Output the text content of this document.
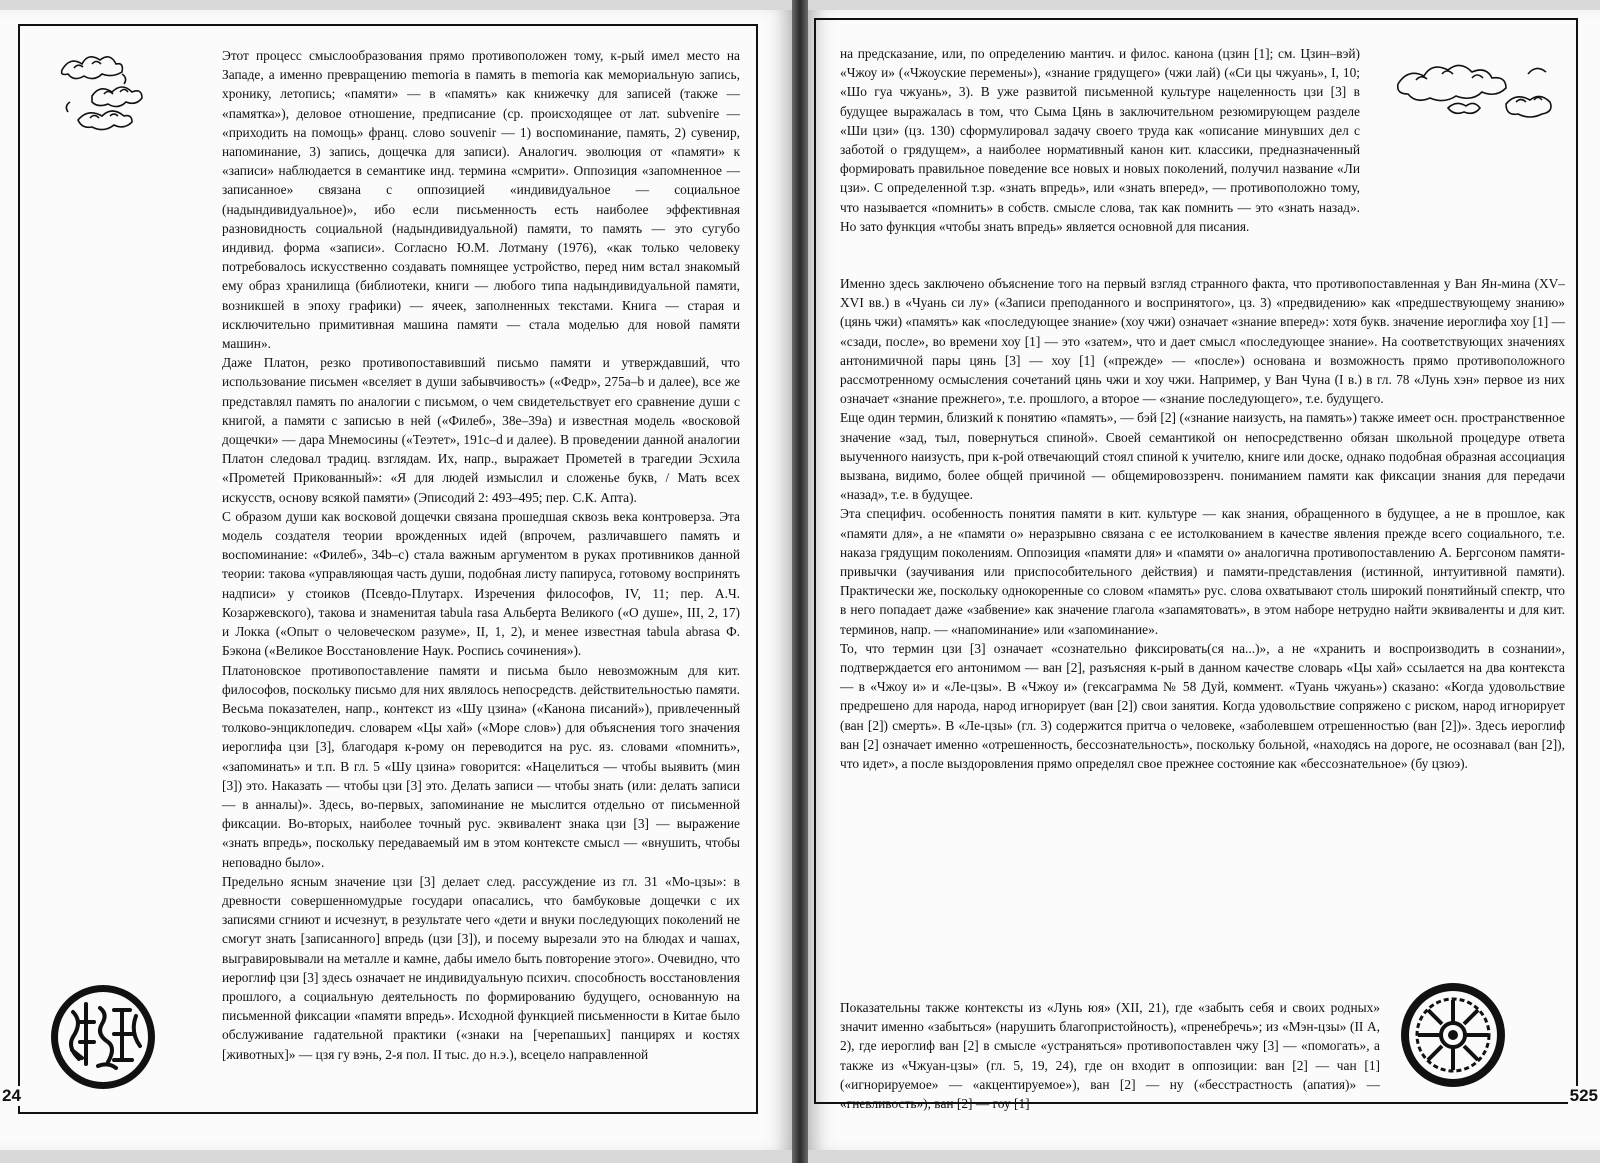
Этот процесс смыслообразования прямо противоположен тому, к-рый имел место на Западе, а именно превращению memoria в память в memoria как мемориальную запись, хронику, летопись; «памяти» — в «память» как книжечку для записей (также — «памятка»), деловое отношение, предписание (ср. происходящее от лат. subvenire — «приходить на помощь» франц. слово souvenir — 1) воспоминание, память, 2) сувенир, напоминание, 3) запись, дощечка для записи). Аналогич. эволюция от «памяти» к «записи» наблюдается в семантике инд. термина «смрити». Оппозиция «запомненное — записанное» связана с оппозицией «индивидуальное — социальное (надындивидуальное)», ибо если письменность есть наиболее эффективная разновидность социальной (надындивидуальной) памяти, то память — это сугубо индивид. форма «записи». Согласно Ю.М. Лотману (1976), «как только человеку потребовалось искусственно создавать помнящее устройство, перед ним встал знакомый ему образ хранилища (библиотеки, книги — любого типа надындивидуальной памяти, возникшей в эпоху графики) — ячеек, заполненных текстами. Книга — старая и исключительно примитивная машина памяти — стала моделью для новой памяти машин».

Даже Платон, резко противопоставивший письмо памяти и утверждавший, что использование письмен «вселяет в души забывчивость» («Федр», 275а–b и далее), все же представлял память по аналогии с письмом, о чем свидетельствует его сравнение души с книгой, а памяти с записью в ней («Филеб», 38е–39а) и известная модель «восковой дощечки» — дара Мнемосины («Теэтет», 191с–d и далее). В проведении данной аналогии Платон следовал традиц. взглядам. Их, напр., выражает Прометей в трагедии Эсхила «Прометей Прикованный»: «Я для людей измыслил и сложенье букв, / Мать всех искусств, основу всякой памяти» (Эписодий 2: 493–495; пер. С.К. Апта).

С образом души как восковой дощечки связана прошедшая сквозь века контроверза. Эта модель создателя теории врожденных идей (впрочем, различавшего память и воспоминание: «Филеб», 34b–с) стала важным аргументом в руках противников данной теории: такова «управляющая часть души, подобная листу папируса, готовому воспринять надписи» у стоиков (Псевдо-Плутарх. Изречения философов, IV, 11; пер. А.Ч. Козаржевского), такова и знаменитая tabula rasa Альберта Великого («О душе», III, 2, 17) и Локка («Опыт о человеческом разуме», II, 1, 2), и менее известная tabula abrasa Ф. Бэкона («Великое Восстановление Наук. Роспись сочинения»).

Платоновское противопоставление памяти и письма было невозможным для кит. философов, поскольку письмо для них являлось непосредств. действительностью памяти. Весьма показателен, напр., контекст из «Шу цзина» («Канона писаний»), привлеченный толково-энциклопедич. словарем «Цы хай» («Море слов») для объяснения того значения иероглифа цзи [3], благодаря к-рому он переводится на рус. яз. словами «помнить», «запоминать» и т.п. В гл. 5 «Шу цзина» говорится: «Нацелиться — чтобы выявить (мин [3]) это. Наказать — чтобы цзи [3] это. Делать записи — чтобы знать (или: делать записи — в анналы)». Здесь, во-первых, запоминание не мыслится отдельно от письменной фиксации. Во-вторых, наиболее точный рус. эквивалент знака цзи [3] — выражение «знать впредь», поскольку передаваемый им в этом контексте смысл — «внушить, чтобы неповадно было».

Предельно ясным значение цзи [3] делает след. рассуждение из гл. 31 «Мо-цзы»: в древности совершенномудрые государи опасались, что бамбуковые дощечки с их записями сгниют и исчезнут, в результате чего «дети и внуки последующих поколений не смогут знать [записанного] впредь (цзи [3]), и посему вырезали это на блюдах и чашах, выгравировывали на металле и камне, дабы имело быть повторение этого». Очевидно, что иероглиф цзи [3] здесь означает не индивидуальную психич. способность восстановления прошлого, а социальную деятельность по формированию будущего, основанную на письменной фиксации «памяти впредь». Исходной функцией письменности в Китае было обслуживание гадательной практики («знаки на [черепашьих] панцирях и костях [животных]» — цзя гу вэнь, 2-я пол. II тыс. до н.э.), всецело направленной

24

на предсказание, или, по определению мантич. и филос. канона (цзин [1]; см. Цзин–вэй) «Чжоу и» («Чжоуские перемены»), «знание грядущего» (чжи лай) («Си цы чжуань», I, 10; «Шо гуа чжуань», 3). В уже развитой письменной культуре нацеленность цзи [3] в будущее выражалась в том, что Сыма Цянь в заключительном резюмирующем разделе «Ши цзи» (цз. 130) сформулировал задачу своего труда как «описание минувших дел с заботой о грядущем», а наиболее нормативный канон кит. классики, предназначенный формировать правильное поведение все новых и новых поколений, получил название «Ли цзи». С определенной т.зр. «знать впредь», или «знать вперед», — противоположно тому, что называется «помнить» в собств. смысле слова, так как помнить — это «знать назад». Но зато функция «чтобы знать впредь» является основной для писания.

Именно здесь заключено объяснение того на первый взгляд странного факта, что противопоставленная у Ван Ян-мина (XV–XVI вв.) в «Чуань си лу» («Записи преподанного и воспринятого», цз. 3) «предвидению» как «предшествующему знанию» (цянь чжи) «память» как «последующее знание» (хоу чжи) означает «знание вперед»: хотя букв. значение иероглифа хоу [1] — «сзади, после», во времени хоу [1] — это «затем», что и дает смысл «последующее знание». На соответствующих значениях антонимичной пары цянь [3] — хоу [1] («прежде» — «после») основана и возможность прямо противоположного рассмотренному осмысления сочетаний цянь чжи и хоу чжи. Например, у Ван Чуна (I в.) в гл. 78 «Лунь хэн» первое из них означает «знание прежнего», т.е. прошлого, а второе — «знание последующего», т.е. будущего.

Еще один термин, близкий к понятию «память», — бэй [2] («знание наизусть, на память») также имеет осн. пространственное значение «зад, тыл, повернуться спиной». Своей семантикой он непосредственно обязан школьной процедуре ответа выученного наизусть, при к-рой отвечающий стоял спиной к учителю, книге или доске, однако подобная образная ассоциация вызвана, видимо, более общей причиной — общемировоззренч. пониманием памяти как фиксации знания для передачи «назад», т.е. в будущее.

Эта специфич. особенность понятия памяти в кит. культуре — как знания, обращенного в будущее, а не в прошлое, как «памяти для», а не «памяти о» неразрывно связана с ее истолкованием в качестве явления прежде всего социального, т.е. наказа грядущим поколениям. Оппозиция «памяти для» и «памяти о» аналогична противопоставлению А. Бергсоном памяти-привычки (заучивания или приспособительного действия) и памяти-представления (истинной, интуитивной памяти). Практически же, поскольку однокоренные со словом «память» рус. слова охватывают столь широкий понятийный спектр, что в него попадает даже «забвение» как значение глагола «запамятовать», в этом наборе нетрудно найти эквиваленты и для кит. терминов, напр. — «напоминание» или «запоминание».

То, что термин цзи [3] означает «сознательно фиксировать(ся на...)», а не «хранить и воспроизводить в сознании», подтверждается его антонимом — ван [2], разъясняя к-рый в данном качестве словарь «Цы хай» ссылается на два контекста — в «Чжоу и» и «Ле-цзы». В «Чжоу и» (гексаграмма № 58 Дуй, коммент. «Туань чжуань») сказано: «Когда удовольствие предрешено для народа, народ игнорирует (ван [2]) свои занятия. Когда удовольствие сопряжено с риском, народ игнорирует (ван [2]) смерть». В «Ле-цзы» (гл. 3) содержится притча о человеке, «заболевшем отрешенностью (ван [2])». Здесь иероглиф ван [2] означает именно «отрешенность, бессознательность», поскольку больной, «находясь на дороге, не осознавал (ван [2]), что идет», а после выздоровления прямо определял свое прежнее состояние как «бессознательное» (бу цзюэ).

Показательны также контексты из «Лунь юя» (XII, 21), где «забыть себя и своих родных» значит именно «забыться» (нарушить благопристойность), «пренебречь»; из «Мэн-цзы» (II А, 2), где иероглиф ван [2] в смысле «устраняться» противопоставлен чжу [3] — «помогать», а также из «Чжуан-цзы» (гл. 5, 19, 24), где он входит в оппозиции: ван [2] — чан [1] («игнорируемое» — «акцентируемое»), ван [2] — ну («бесстрастность (апатия)» — «гневливость»), ван [2] — гоу [1]	525
